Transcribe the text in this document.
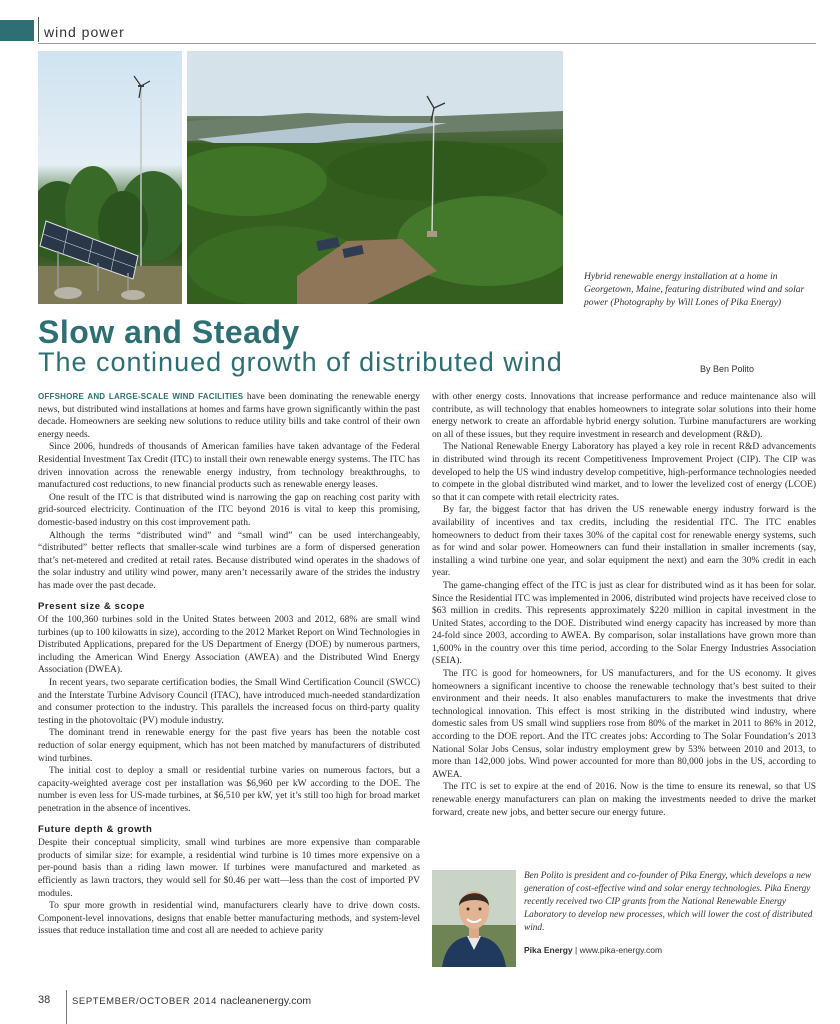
wind power
Hybrid renewable energy installation at a home in Georgetown, Maine, featuring distributed wind and solar power (Photography by Will Lones of Pika Energy)
Slow and Steady
The continued growth of distributed wind	By Ben Polito

OFFSHORE AND LARGE-SCALE WIND FACILITIES have been dominating the renewable energy news, but distributed wind installations at homes and farms have grown significantly within the past decade. Homeowners are seeking new solutions to reduce utility bills and take control of their own energy needs.

Since 2006, hundreds of thousands of American families have taken advantage of the Federal Residential Investment Tax Credit (ITC) to install their own renewable energy systems. The ITC has driven innovation across the renewable energy industry, from technology breakthroughs, to manufactured cost reductions, to new financial products such as renewable energy leases.

One result of the ITC is that distributed wind is narrowing the gap on reaching cost parity with grid-sourced electricity. Continuation of the ITC beyond 2016 is vital to keep this promising, domestic-based industry on this cost improvement path.

Although the terms “distributed wind” and “small wind” can be used interchangeably, “distributed” better reflects that smaller-scale wind turbines are a form of dispersed generation that’s net-metered and credited at retail rates. Because distributed wind operates in the shadows of the solar industry and utility wind power, many aren’t necessarily aware of the strides the industry has made over the past decade.

Present size & scope

Of the 100,360 turbines sold in the United States between 2003 and 2012, 68% are small wind turbines (up to 100 kilowatts in size), according to the 2012 Market Report on Wind Technologies in Distributed Applications, prepared for the US Department of Energy (DOE) by numerous partners, including the American Wind Energy Association (AWEA) and the Distributed Wind Energy Association (DWEA).

In recent years, two separate certification bodies, the Small Wind Certification Council (SWCC) and the Interstate Turbine Advisory Council (ITAC), have introduced much-needed standardization and consumer protection to the industry. This parallels the increased focus on third-party quality testing in the photovoltaic (PV) module industry.

The dominant trend in renewable energy for the past five years has been the notable cost reduction of solar energy equipment, which has not been matched by manufacturers of distributed wind turbines.

The initial cost to deploy a small or residential turbine varies on numerous factors, but a capacity-weighted average cost per installation was $6,960 per kW according to the DOE. The number is even less for US-made turbines, at $6,510 per kW, yet it’s still too high for broad market penetration in the absence of incentives.

Future depth & growth

Despite their conceptual simplicity, small wind turbines are more expensive than comparable products of similar size: for example, a residential wind turbine is 10 times more expensive on a per-pound basis than a riding lawn mower. If turbines were manufactured and marketed as efficiently as lawn tractors, they would sell for $0.46 per watt—less than the cost of imported PV modules.

To spur more growth in residential wind, manufacturers clearly have to drive down costs. Component-level innovations, designs that enable better manufacturing methods, and system-level issues that reduce installation time and cost all are needed to achieve parity

with other energy costs. Innovations that increase performance and reduce maintenance also will contribute, as will technology that enables homeowners to integrate solar solutions into their home energy network to create an affordable hybrid energy solution. Turbine manufacturers are working on all of these issues, but they require investment in research and development (R&D).

The National Renewable Energy Laboratory has played a key role in recent R&D advancements in distributed wind through its recent Competitiveness Improvement Project (CIP). The CIP was developed to help the US wind industry develop competitive, high-performance technologies needed to compete in the global distributed wind market, and to lower the levelized cost of energy (LCOE) so that it can compete with retail electricity rates.

By far, the biggest factor that has driven the US renewable energy industry forward is the availability of incentives and tax credits, including the residential ITC. The ITC enables homeowners to deduct from their taxes 30% of the capital cost for renewable energy systems, such as for wind and solar power. Homeowners can fund their installation in smaller increments (say, installing a wind turbine one year, and solar equipment the next) and earn the 30% credit in each year.

The game-changing effect of the ITC is just as clear for distributed wind as it has been for solar. Since the Residential ITC was implemented in 2006, distributed wind projects have received close to $63 million in credits. This represents approximately $220 million in capital investment in the United States, according to the DOE. Distributed wind energy capacity has increased by more than 24-fold since 2003, according to AWEA. By comparison, solar installations have grown more than 1,600% in the country over this time period, according to the Solar Energy Industries Association (SEIA).

The ITC is good for homeowners, for US manufacturers, and for the US economy. It gives homeowners a significant incentive to choose the renewable technology that’s best suited to their environment and their needs. It also enables manufacturers to make the investments that drive technological innovation. This effect is most striking in the distributed wind industry, where domestic sales from US small wind suppliers rose from 80% of the market in 2011 to 86% in 2012, according to the DOE report. And the ITC creates jobs: According to The Solar Foundation’s 2013 National Solar Jobs Census, solar industry employment grew by 53% between 2010 and 2013, to more than 142,000 jobs. Wind power accounted for more than 80,000 jobs in the US, according to AWEA.

The ITC is set to expire at the end of 2016. Now is the time to ensure its renewal, so that US renewable energy manufacturers can plan on making the investments needed to drive the market forward, create new jobs, and better secure our energy future.

Ben Polito is president and co-founder of Pika Energy, which develops a new generation of cost-effective wind and solar energy technologies. Pika Energy recently received two CIP grants from the National Renewable Energy Laboratory to develop new processes, which will lower the cost of distributed wind.
Pika Energy | www.pika-energy.com
38 SEPTEMBER/OCTOBER 2014 nacleanenergy.com
